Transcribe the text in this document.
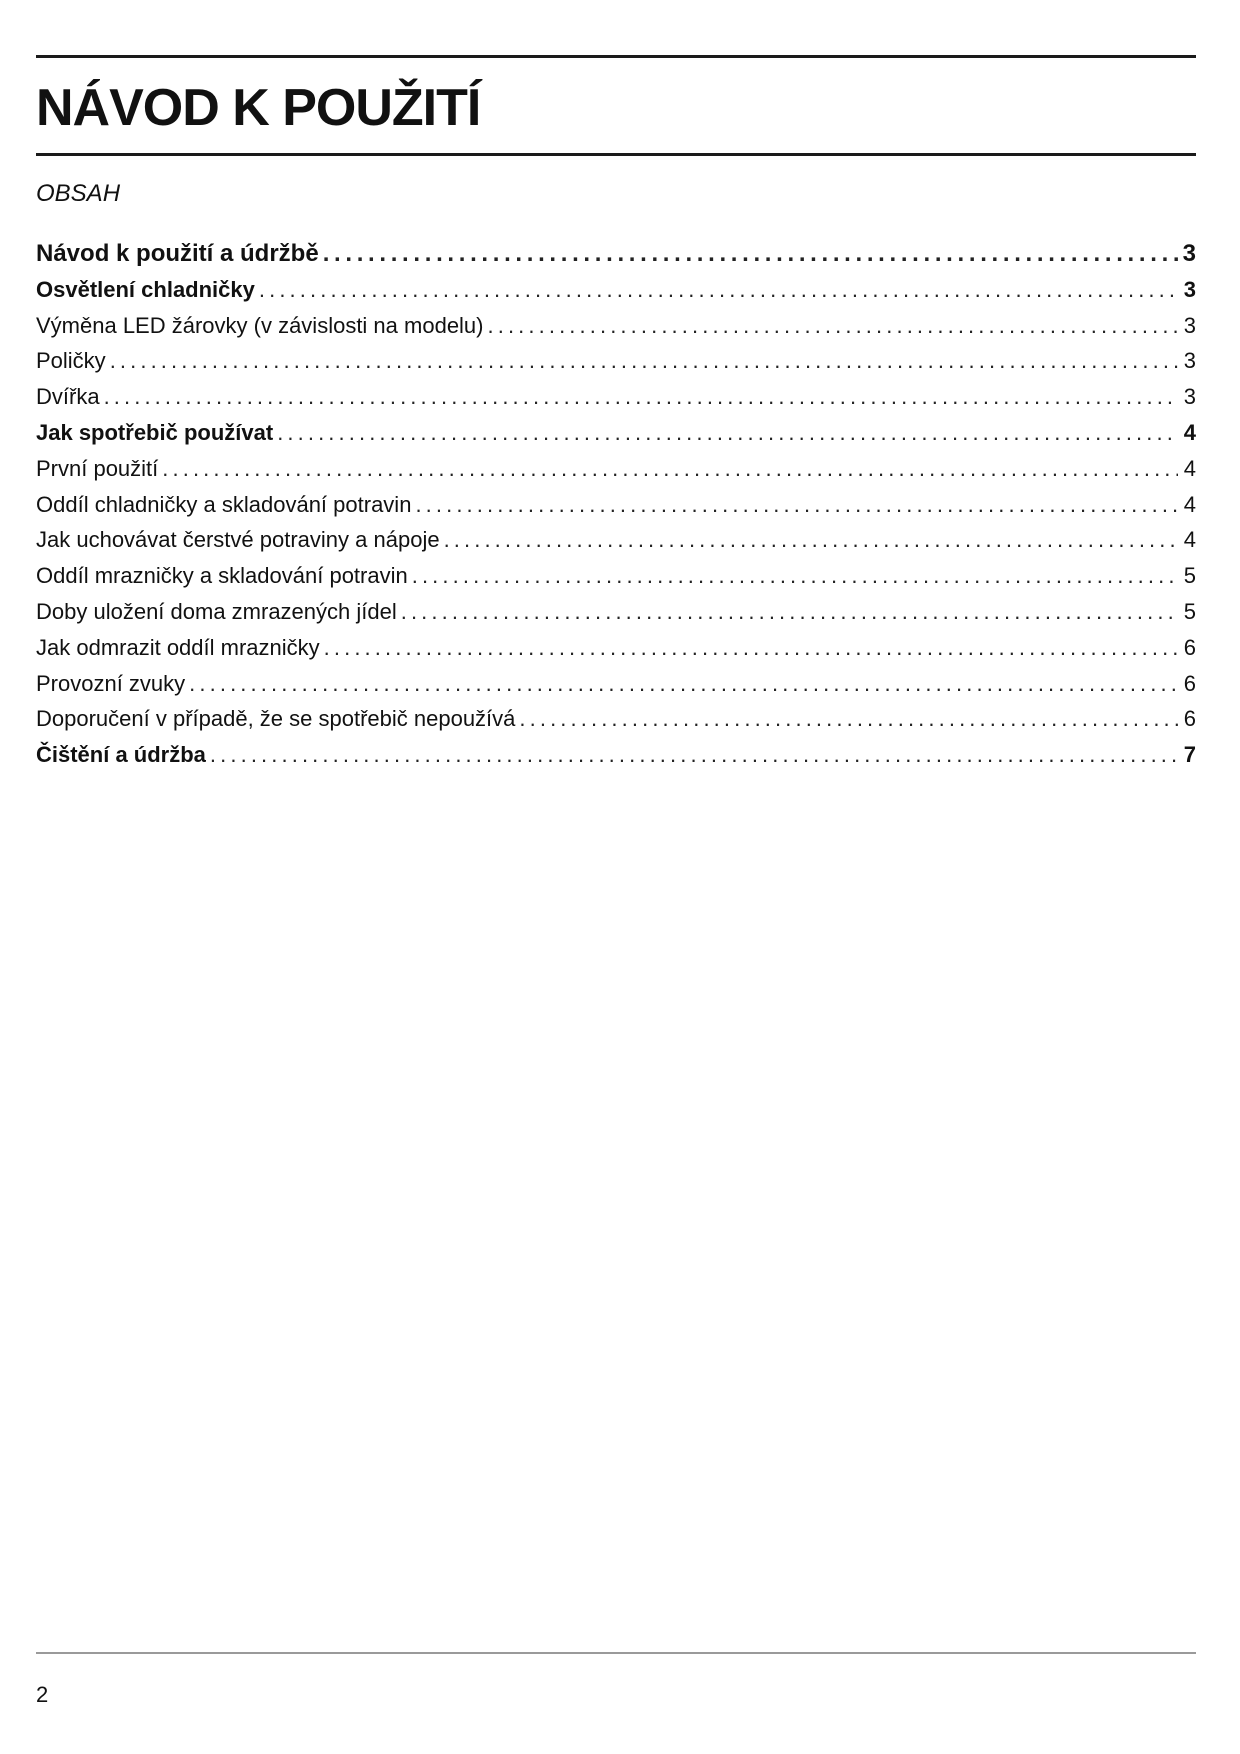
NÁVOD K POUŽITÍ
OBSAH
Návod k použití a údržbě . . .	3
Osvětlení chladničky . . .	3
Výměna LED žárovky (v závislosti na modelu) . . .	3
Poličky . . .	3
Dvířka . . .	3
Jak spotřebič používat . . .	4
První použití . . .	4
Oddíl chladničky a skladování potravin . . .	4
Jak uchovávat čerstvé potraviny a nápoje . . .	4
Oddíl mrazničky a skladování potravin . . .	5
Doby uložení doma zmrazených jídel . . .	5
Jak odmrazit oddíl mrazničky . . .	6
Provozní zvuky . . .	6
Doporučení v případě, že se spotřebič nepoužívá . . .	6
Čištění a údržba . . .	7
2
